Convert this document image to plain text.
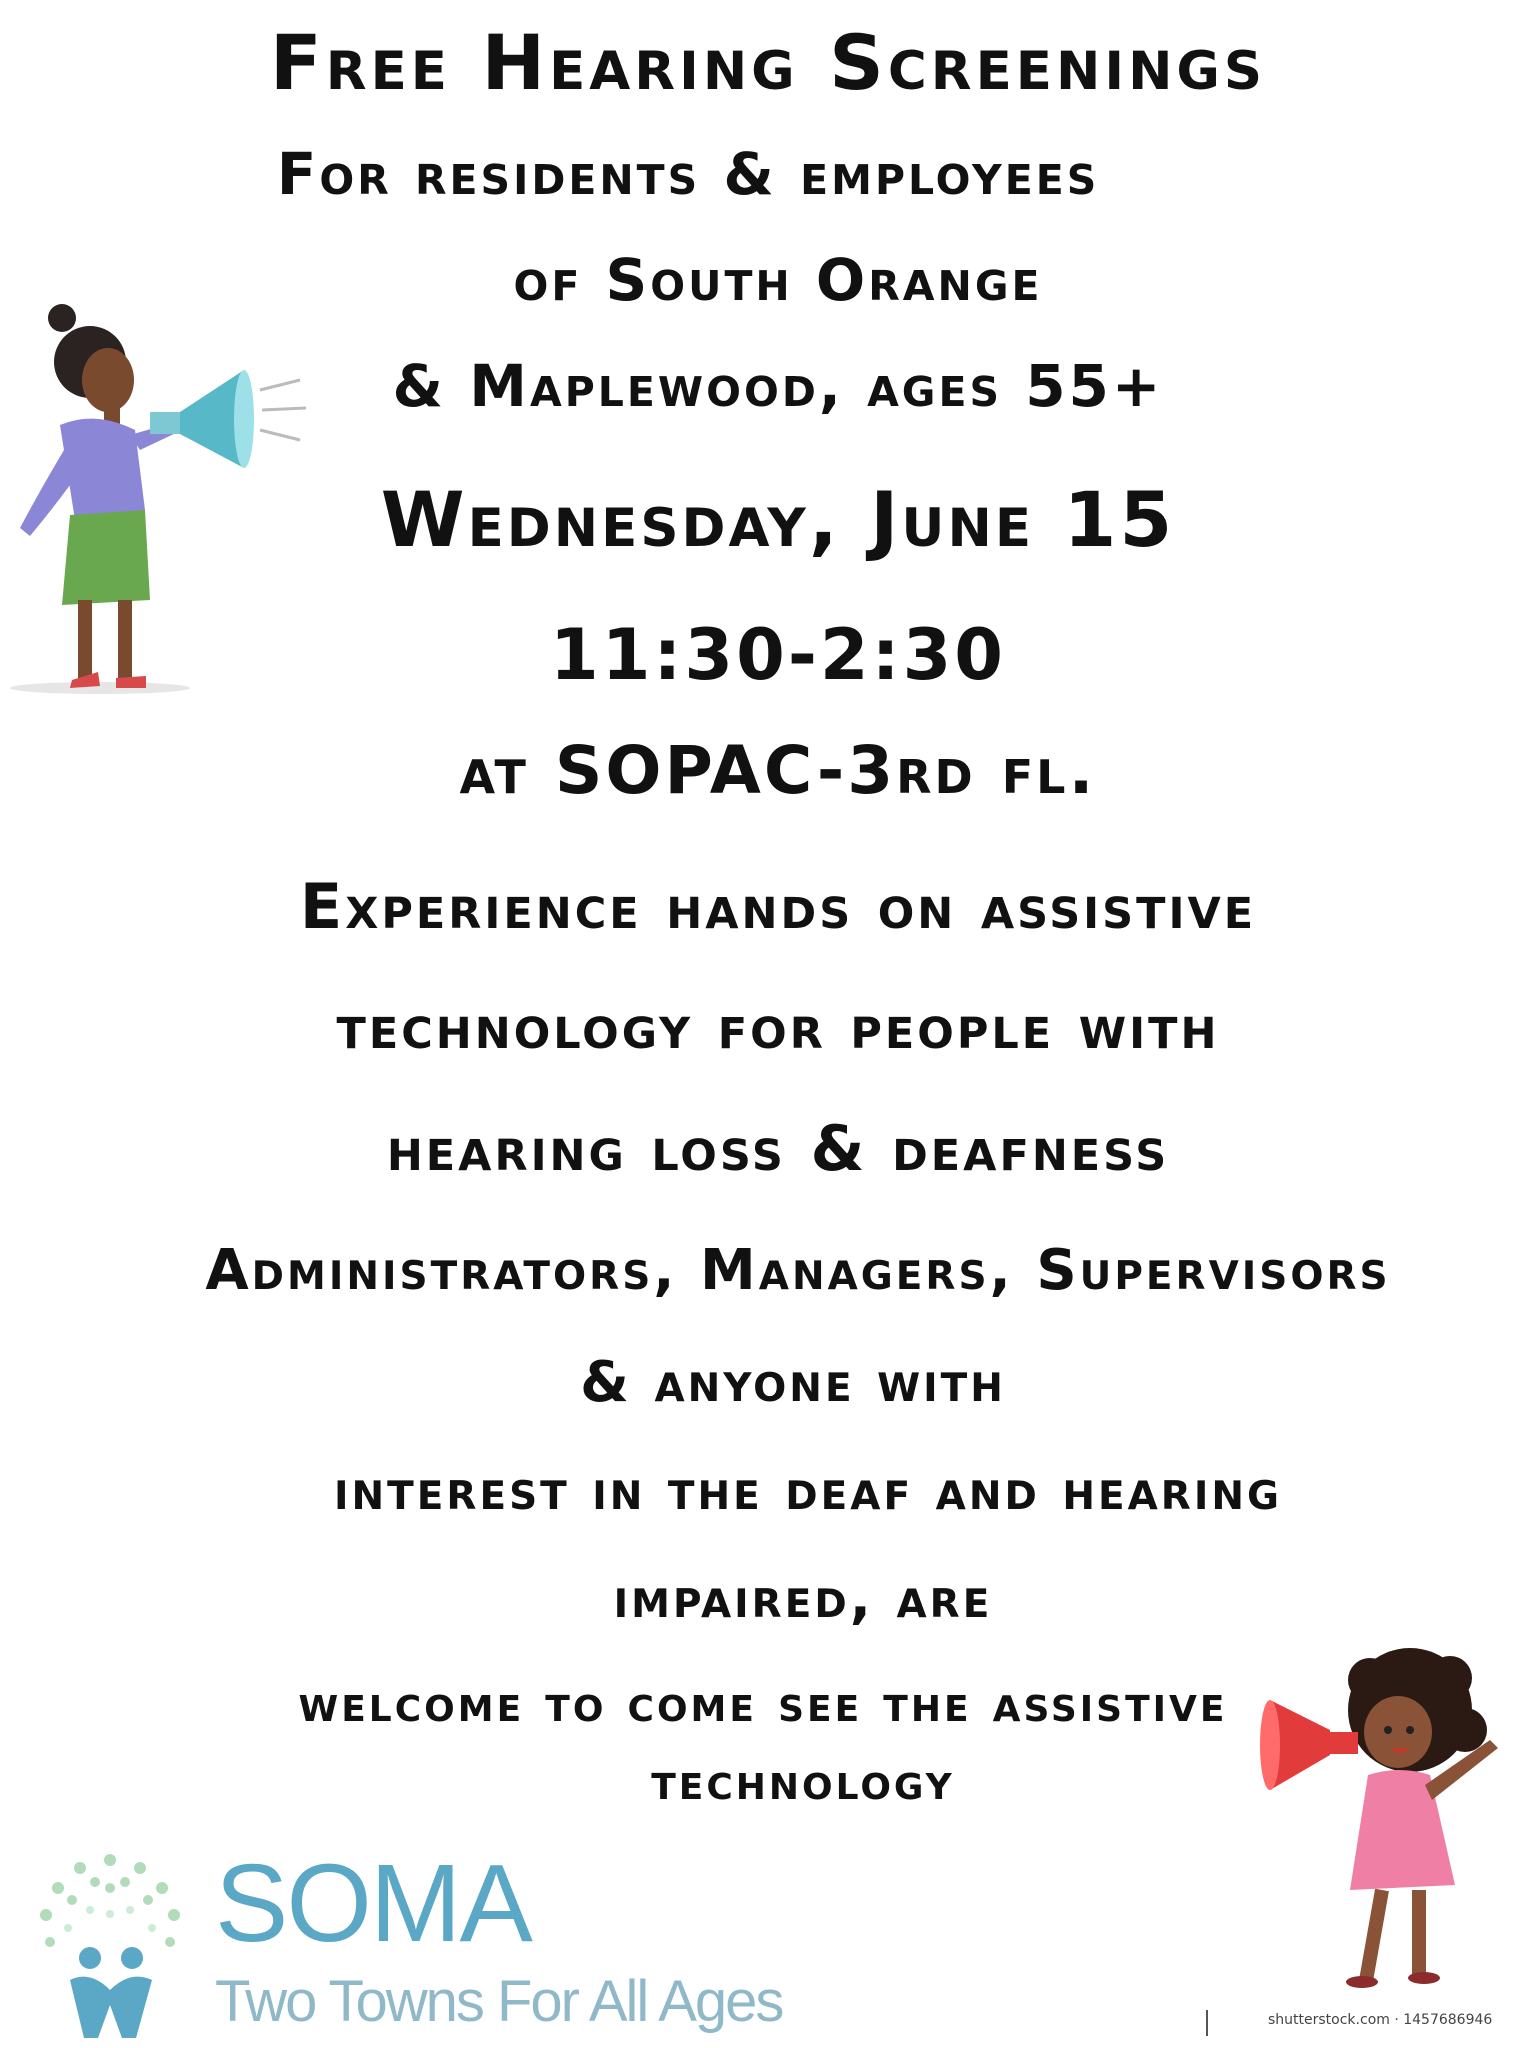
Free Hearing Screenings
For residents & employees
of South Orange
& Maplewood, ages 55+
Wednesday, June 15
11:30-2:30
at SOPAC-3rd fl.
Experience hands on assistive
technology for people with
hearing loss & deafness
Administrators, Managers, Supervisors
& anyone with
interest in the deaf and hearing
impaired, are
welcome to come see the assistive
technology
SOMA
Two Towns For All Ages	shutterstock.com · 1457686946
